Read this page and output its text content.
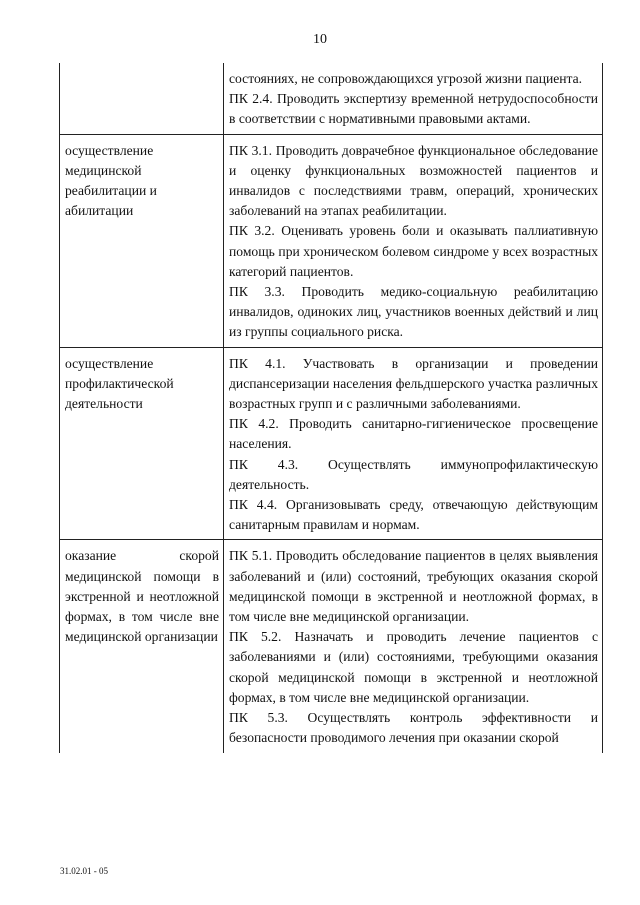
10

	состояниях, не сопровождающихся угрозой жизни пациента.

ПК 2.4. Проводить экспертизу временной нетрудоспособности в соответствии с нормативными правовыми актами.

осуществление медицинской реабилитации и абилитации	ПК 3.1. Проводить доврачебное функциональное обследование и оценку функциональных возможностей пациентов и инвалидов с последствиями травм, операций, хронических заболеваний на этапах реабилитации.

ПК 3.2. Оценивать уровень боли и оказывать паллиативную помощь при хроническом болевом синдроме у всех возрастных категорий пациентов.

ПК 3.3. Проводить медико-социальную реабилитацию инвалидов, одиноких лиц, участников военных действий и лиц из группы социального риска.

осуществление профилактической деятельности	ПК 4.1. Участвовать в организации и проведении диспансеризации населения фельдшерского участка различных возрастных групп и с различными заболеваниями.

ПК 4.2. Проводить санитарно-гигиеническое просвещение населения.

ПК 4.3. Осуществлять иммунопрофилактическую деятельность.

ПК 4.4. Организовывать среду, отвечающую действующим санитарным правилам и нормам.

оказание скорой медицинской помощи в экстренной и неотложной формах, в том числе вне медицинской организации	ПК 5.1. Проводить обследование пациентов в целях выявления заболеваний и (или) состояний, требующих оказания скорой медицинской помощи в экстренной и неотложной формах, в том числе вне медицинской организации.

ПК 5.2. Назначать и проводить лечение пациентов с заболеваниями и (или) состояниями, требующими оказания скорой медицинской помощи в экстренной и неотложной формах, в том числе вне медицинской организации.

ПК 5.3. Осуществлять контроль эффективности и безопасности проводимого лечения при оказании скорой

31.02.01 - 05
